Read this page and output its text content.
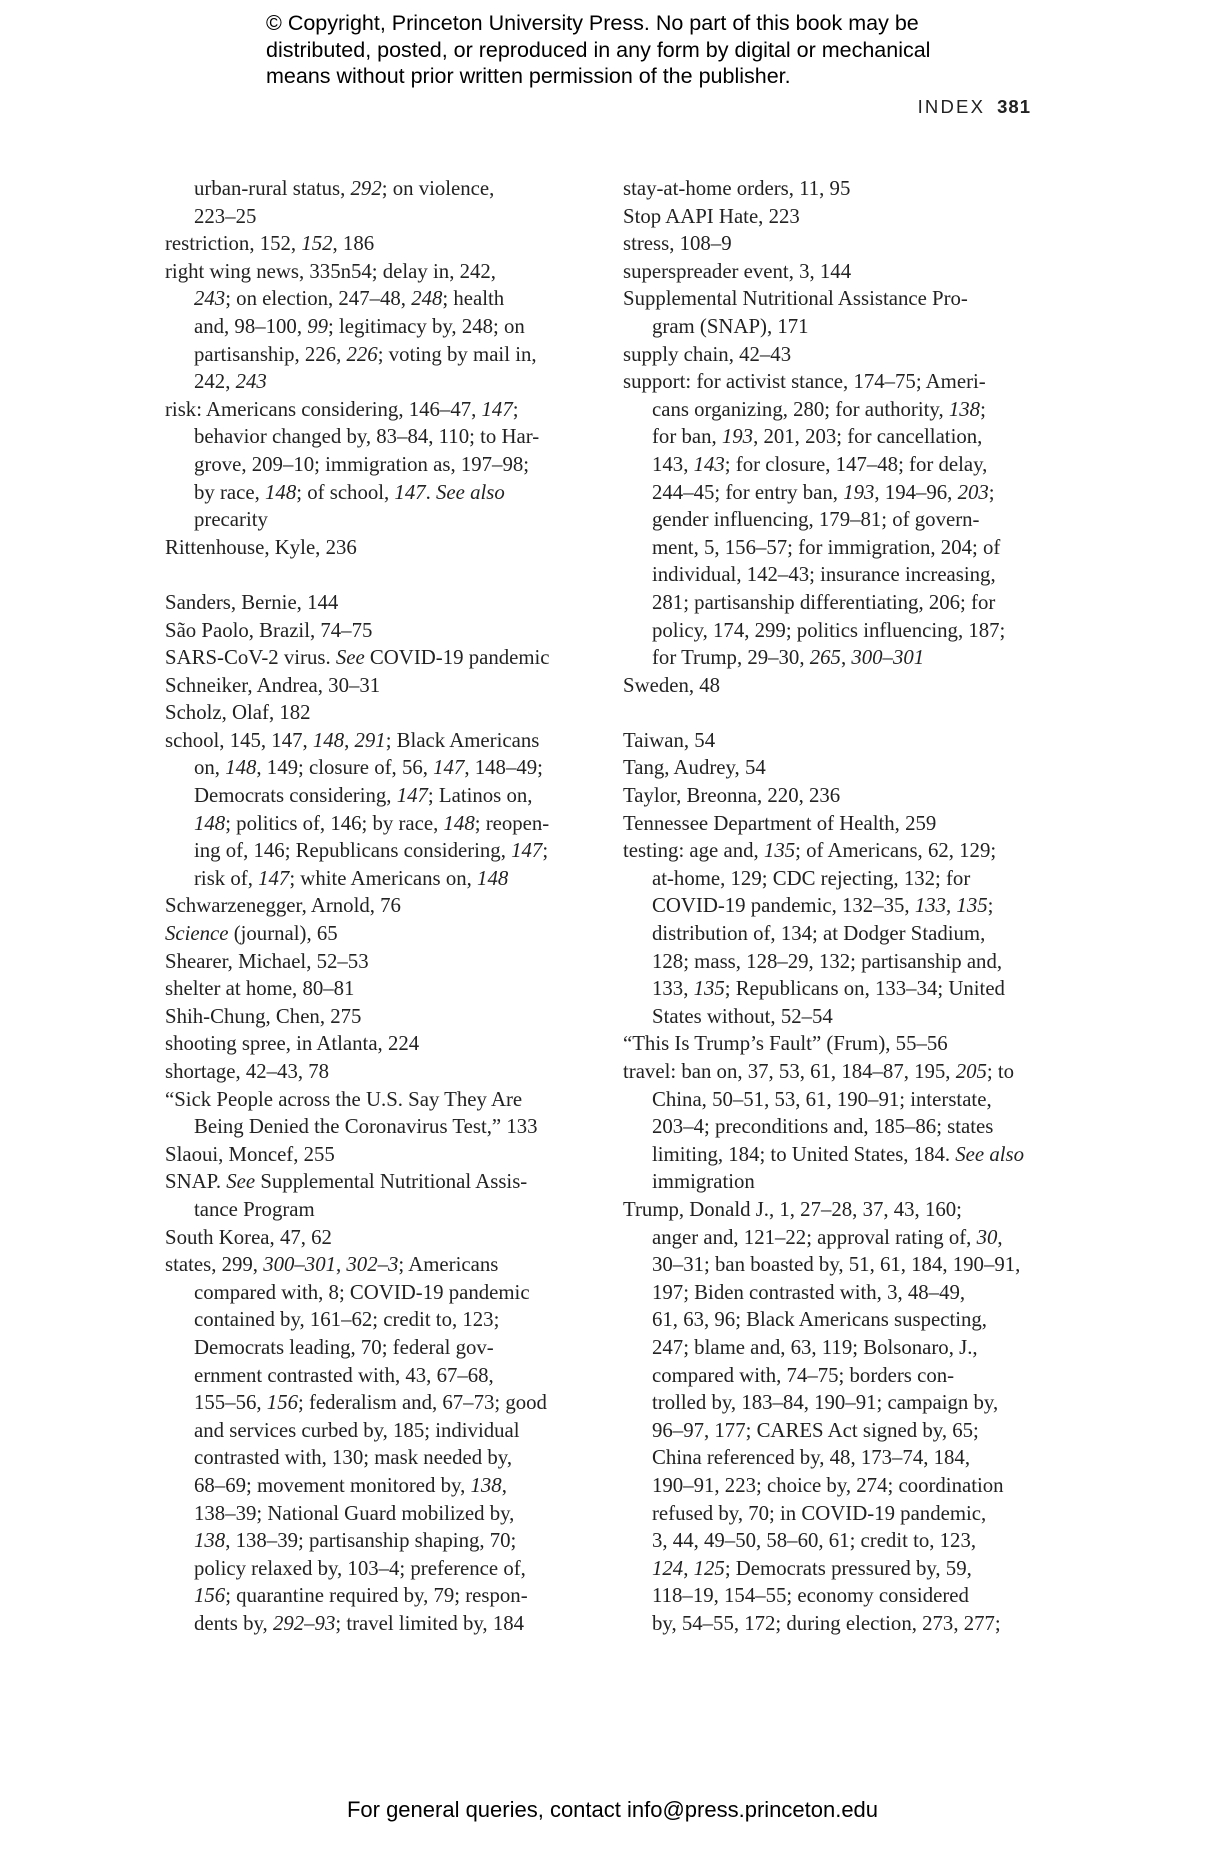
© Copyright, Princeton University Press. No part of this book may be
distributed, posted, or reproduced in any form by digital or mechanical
means without prior written permission of the publisher.
INDEX 381
urban-rural status, 292; on violence,
223–25
restriction, 152, 152, 186
right wing news, 335n54; delay in, 242,
243; on election, 247–48, 248; health
and, 98–100, 99; legitimacy by, 248; on
partisanship, 226, 226; voting by mail in,
242, 243
risk: Americans considering, 146–47, 147;
behavior changed by, 83–84, 110; to Har-
grove, 209–10; immigration as, 197–98;
by race, 148; of school, 147. See also
precarity
Rittenhouse, Kyle, 236
Sanders, Bernie, 144
São Paolo, Brazil, 74–75
SARS-CoV-2 virus. See COVID-19 pandemic
Schneiker, Andrea, 30–31
Scholz, Olaf, 182
school, 145, 147, 148, 291; Black Americans
on, 148, 149; closure of, 56, 147, 148–49;
Democrats considering, 147; Latinos on,
148; politics of, 146; by race, 148; reopen-
ing of, 146; Republicans considering, 147;
risk of, 147; white Americans on, 148
Schwarzenegger, Arnold, 76
Science (journal), 65
Shearer, Michael, 52–53
shelter at home, 80–81
Shih-Chung, Chen, 275
shooting spree, in Atlanta, 224
shortage, 42–43, 78
“Sick People across the U.S. Say They Are
Being Denied the Coronavirus Test,” 133
Slaoui, Moncef, 255
SNAP. See Supplemental Nutritional Assis-
tance Program
South Korea, 47, 62
states, 299, 300–301, 302–3; Americans
compared with, 8; COVID-19 pandemic
contained by, 161–62; credit to, 123;
Democrats leading, 70; federal gov-
ernment contrasted with, 43, 67–68,
155–56, 156; federalism and, 67–73; good
and services curbed by, 185; individual
contrasted with, 130; mask needed by,
68–69; movement monitored by, 138,
138–39; National Guard mobilized by,
138, 138–39; partisanship shaping, 70;
policy relaxed by, 103–4; preference of,
156; quarantine required by, 79; respon-
dents by, 292–93; travel limited by, 184
stay-at-home orders, 11, 95
Stop AAPI Hate, 223
stress, 108–9
superspreader event, 3, 144
Supplemental Nutritional Assistance Pro-
gram (SNAP), 171
supply chain, 42–43
support: for activist stance, 174–75; Ameri-
cans organizing, 280; for authority, 138;
for ban, 193, 201, 203; for cancellation,
143, 143; for closure, 147–48; for delay,
244–45; for entry ban, 193, 194–96, 203;
gender influencing, 179–81; of govern-
ment, 5, 156–57; for immigration, 204; of
individual, 142–43; insurance increasing,
281; partisanship differentiating, 206; for
policy, 174, 299; politics influencing, 187;
for Trump, 29–30, 265, 300–301
Sweden, 48
Taiwan, 54
Tang, Audrey, 54
Taylor, Breonna, 220, 236
Tennessee Department of Health, 259
testing: age and, 135; of Americans, 62, 129;
at-home, 129; CDC rejecting, 132; for
COVID-19 pandemic, 132–35, 133, 135;
distribution of, 134; at Dodger Stadium,
128; mass, 128–29, 132; partisanship and,
133, 135; Republicans on, 133–34; United
States without, 52–54
“This Is Trump’s Fault” (Frum), 55–56
travel: ban on, 37, 53, 61, 184–87, 195, 205; to
China, 50–51, 53, 61, 190–91; interstate,
203–4; preconditions and, 185–86; states
limiting, 184; to United States, 184. See also
immigration
Trump, Donald J., 1, 27–28, 37, 43, 160;
anger and, 121–22; approval rating of, 30,
30–31; ban boasted by, 51, 61, 184, 190–91,
197; Biden contrasted with, 3, 48–49,
61, 63, 96; Black Americans suspecting,
247; blame and, 63, 119; Bolsonaro, J.,
compared with, 74–75; borders con-
trolled by, 183–84, 190–91; campaign by,
96–97, 177; CARES Act signed by, 65;
China referenced by, 48, 173–74, 184,
190–91, 223; choice by, 274; coordination
refused by, 70; in COVID-19 pandemic,
3, 44, 49–50, 58–60, 61; credit to, 123,
124, 125; Democrats pressured by, 59,
118–19, 154–55; economy considered
by, 54–55, 172; during election, 273, 277;
For general queries, contact info@press.princeton.edu
